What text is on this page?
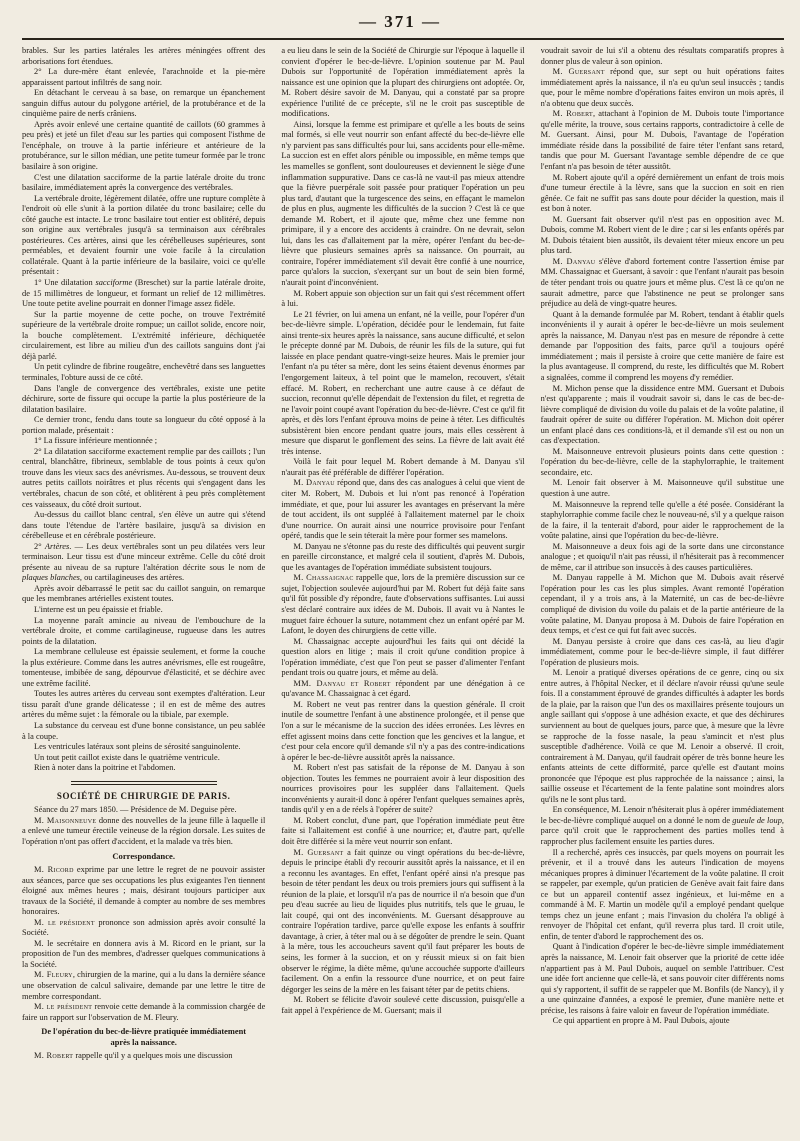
— 371 —

brables. Sur les parties latérales les artères méningées offrent des arborisations fort étendues.

2° La dure-mère étant enlevée, l'arachnoïde et la pie-mère apparaissent partout infiltrés de sang noir.

En détachant le cerveau à sa base, on remarque un épanchement sanguin diffus autour du polygone artériel, de la protubérance et de la cinquième paire de nerfs crâniens.

Après avoir enlevé une certaine quantité de caillots (60 grammes à peu près) et jeté un filet d'eau sur les parties qui composent l'isthme de l'encéphale, on trouve à la partie inférieure et antérieure de la protubérance, sur le sillon médian, une petite tumeur formée par le tronc basilaire à son origine.

C'est une dilatation sacciforme de la partie latérale droite du tronc basilaire, immédiatement après la convergence des vertébrales.

La vertébrale droite, légèrement dilatée, offre une rupture complète à l'endroit où elle s'unit à la portion dilatée du tronc basilaire; celle du côté gauche est intacte. Le tronc basilaire tout entier est oblitéré, depuis son origine aux vertébrales jusqu'à sa terminaison aux cérébrales postérieures. Ces artères, ainsi que les cérébelleuses supérieures, sont perméables, et devaient fournir une voie facile à la circulation collatérale. Quant à la partie inférieure de la basilaire, voici ce qu'elle présentait :

1° Une dilatation sacciforme (Breschet) sur la partie latérale droite, de 15 millimètres de longueur, et formant un relief de 12 millimètres. Une toute petite aveline pourrait en donner l'image assez fidèle.

Sur la partie moyenne de cette poche, on trouve l'extrémité supérieure de la vertébrale droite rompue; un caillot solide, encore noir, la bouche complètement. L'extrémité inférieure, déchiquetée circulairement, est libre au milieu d'un des caillots sanguins dont j'ai déjà parlé.

Un petit cylindre de fibrine rougeâtre, enchevêtré dans ses languettes terminales, l'obture aussi de ce côté.

Dans l'angle de convergence des vertébrales, existe une petite déchirure, sorte de fissure qui occupe la partie la plus postérieure de la dilatation basilaire.

Ce dernier tronc, fendu dans toute sa longueur du côté opposé à la portion malade, présentait :

1° La fissure inférieure mentionnée ;

2° La dilatation sacciforme exactement remplie par des caillots ; l'un central, blanchâtre, fibrineux, semblable de tous points à ceux qu'on trouve dans les vieux sacs des anévrismes. Au-dessous, se trouvent deux autres petits caillots noirâtres et plus récents qui s'engagent dans les vertébrales, chacun de son côté, et oblitèrent à peu près complètement ces vaisseaux, du côté droit surtout.

Au-dessus du caillot blanc central, s'en élève un autre qui s'étend dans toute l'étendue de l'artère basilaire, jusqu'à sa division en cérébelleuse et en cérébrale postérieure.

2° Artères. — Les deux vertébrales sont un peu dilatées vers leur terminaison. Leur tissu est d'une minceur extrême. Celle du côté droit présente au niveau de sa rupture l'altération décrite sous le nom de plaques blanches, ou cartilagineuses des artères.

Après avoir débarrassé le petit sac du caillot sanguin, on remarque que les membranes artérielles existent toutes.

L'interne est un peu épaissie et friable.

La moyenne paraît amincie au niveau de l'embouchure de la vertébrale droite, et comme cartilagineuse, rugueuse dans les autres points de la dilatation.

La membrane celluleuse est épaissie seulement, et forme la couche la plus extérieure. Comme dans les autres anévrismes, elle est rougeâtre, tomenteuse, imbibée de sang, dépourvue d'élasticité, et se déchire avec une extrême facilité.

Toutes les autres artères du cerveau sont exemptes d'altération. Leur tissu paraît d'une grande délicatesse ; il en est de même des autres artères du même sujet : la fémorale ou la tibiale, par exemple.

La substance du cerveau est d'une bonne consistance, un peu sablée à la coupe.

Les ventricules latéraux sont pleins de sérosité sanguinolente.

Un tout petit caillot existe dans le quatrième ventricule.

Rien à noter dans la poitrine et l'abdomen.

SOCIÉTÉ DE CHIRURGIE DE PARIS.

Séance du 27 mars 1850. — Présidence de M. Deguise père.

M. Maisonneuve donne des nouvelles de la jeune fille à laquelle il a enlevé une tumeur érectile veineuse de la région dorsale. Les suites de l'opération n'ont pas offert d'accident, et la malade va très bien.

Correspondance.

M. Ricord exprime par une lettre le regret de ne pouvoir assister aux séances, parce que ses occupations les plus exigeantes l'en tiennent éloigné aux mêmes heures ; mais, désirant toujours participer aux travaux de la Société, il demande à compter au nombre de ses membres honoraires.

M. le président prononce son admission après avoir consulté la Société.

M. le secrétaire en donnera avis à M. Ricord en le priant, sur la proposition de l'un des membres, d'adresser quelques communications à la Société.

M. Fleury, chirurgien de la marine, qui a lu dans la dernière séance une observation de calcul salivaire, demande par une lettre le titre de membre correspondant.

M. le président renvoie cette demande à la commission chargée de faire un rapport sur l'observation de M. Fleury.

De l'opération du bec-de-lièvre pratiquée immédiatement
après la naissance.

M. Robert rappelle qu'il y a quelques mois une discussion

a eu lieu dans le sein de la Société de Chirurgie sur l'époque à laquelle il convient d'opérer le bec-de-lièvre. L'opinion soutenue par M. Paul Dubois sur l'opportunité de l'opération immédiatement après la naissance est une opinion que la plupart des chirurgiens ont adoptée. Or, M. Robert désire savoir de M. Danyau, qui a constaté par sa propre expérience l'utilité de ce précepte, s'il ne le croit pas susceptible de modifications.

Ainsi, lorsque la femme est primipare et qu'elle a les bouts de seins mal formés, si elle veut nourrir son enfant affecté du bec-de-lièvre elle n'y parvient pas sans difficultés pour lui, sans accidents pour elle-même. La succion est en effet alors pénible ou impossible, en même temps que les mamelles se gonflent, sont douloureuses et deviennent le siège d'une inflammation suppurative. Dans ce cas-là ne vaut-il pas mieux attendre que la fièvre puerpérale soit passée pour pratiquer l'opération un peu plus tard, d'autant que la turgescence des seins, en effaçant le mamelon de plus en plus, augmente les difficultés de la succion ? C'est là ce que demande M. Robert, et il ajoute que, même chez une femme non primipare, il y a encore des accidents à craindre. On ne devrait, selon lui, dans les cas d'allaitement par la mère, opérer l'enfant du bec-de-lièvre que plusieurs semaines après sa naissance. On pourrait, au contraire, l'opérer immédiatement s'il devait être confié à une nourrice, parce qu'alors la succion, s'exerçant sur un bout de sein bien formé, n'aurait point d'inconvénient.

M. Robert appuie son objection sur un fait qui s'est récemment offert à lui.

Le 21 février, on lui amena un enfant, né la veille, pour l'opérer d'un bec-de-lièvre simple. L'opération, décidée pour le lendemain, fut faite ainsi trente-six heures après la naissance, sans aucune difficulté, et selon le précepte donné par M. Dubois, de réunir les fils de la suture, qui fut laissée en place pendant quatre-vingt-seize heures. Mais le premier jour l'enfant n'a pu téter sa mère, dont les seins étaient devenus énormes par l'engorgement laiteux, à tel point que le mamelon, recouvert, s'était effacé. M. Robert, en recherchant une autre cause à ce défaut de succion, reconnut qu'elle dépendait de l'extension du filet, et regretta de ne l'avoir point coupé avant l'opération du bec-de-lièvre. C'est ce qu'il fit après, et dès lors l'enfant éprouva moins de peine à téter. Les difficultés subsistèrent bien encore pendant quatre jours, mais elles cessèrent à mesure que disparut le gonflement des seins. La fièvre de lait avait été très intense.

Voilà le fait pour lequel M. Robert demande à M. Danyau s'il n'aurait pas été préférable de différer l'opération.

M. Danyau répond que, dans des cas analogues à celui que vient de citer M. Robert, M. Dubois et lui n'ont pas renoncé à l'opération immédiate, et que, pour lui assurer les avantages en préservant la mère de tout accident, ils ont suppléé à l'allaitement maternel par le choix d'une nourrice. On aurait ainsi une nourrice provisoire pour l'enfant opéré, tandis que le sein téterait la mère pour former ses mamelons.

M. Danyau ne s'étonne pas du reste des difficultés qui peuvent surgir en pareille circonstance, et malgré cela il soutient, d'après M. Dubois, que les avantages de l'opération immédiate subsistent toujours.

M. Chassaignac rappelle que, lors de la première discussion sur ce sujet, l'objection soulevée aujourd'hui par M. Robert fut déjà faite sans qu'il fût possible d'y répondre, faute d'observations suffisantes. Lui aussi s'est déclaré contraire aux idées de M. Dubois. Il avait vu à Nantes le muguet faire échouer la suture, notamment chez un enfant opéré par M. Lafont, le doyen des chirurgiens de cette ville.

M. Chassaignac accepte aujourd'hui les faits qui ont décidé la question alors en litige ; mais il croit qu'une condition propice à l'opération immédiate, c'est que l'on peut se passer d'alimenter l'enfant pendant trois ou quatre jours, et même au delà.

MM. Danyau et Robert répondent par une dénégation à ce qu'avance M. Chassaignac à cet égard.

M. Robert ne veut pas rentrer dans la question générale. Il croit inutile de soumettre l'enfant à une abstinence prolongée, et il pense que l'on a sur le mécanisme de la succion des idées erronées. Les lèvres en effet agissent moins dans cette fonction que les gencives et la langue, et c'est pour cela encore qu'il demande s'il n'y a pas des contre-indications à opérer le bec-de-lièvre aussitôt après la naissance.

M. Robert n'est pas satisfait de la réponse de M. Danyau à son objection. Toutes les femmes ne pourraient avoir à leur disposition des nourrices provisoires pour les suppléer dans l'allaitement. Quels inconvénients y aurait-il donc à opérer l'enfant quelques semaines après, tandis qu'il y en a de réels à l'opérer de suite?

M. Robert conclut, d'une part, que l'opération immédiate peut être faite si l'allaitement est confié à une nourrice; et, d'autre part, qu'elle doit être différée si la mère veut nourrir son enfant.

M. Guersant a fait quinze ou vingt opérations du bec-de-lièvre, depuis le principe établi d'y recourir aussitôt après la naissance, et il en a reconnu les avantages. En effet, l'enfant opéré ainsi n'a presque pas besoin de téter pendant les deux ou trois premiers jours qui suffisent à la réunion de la plaie, et lorsqu'il n'a pas de nourrice il n'a besoin que d'un peu d'eau sucrée au lieu de liquides plus nutritifs, tels que le gruau, le lait coupé, qui ont des inconvénients. M. Guersant désapprouve au contraire l'opération tardive, parce qu'elle expose les enfants à souffrir davantage, à crier, à téter mal ou à se dégoûter de prendre le sein. Quant à la mère, tous les accoucheurs savent qu'il faut préparer les bouts de seins, les former à la succion, et on y réussit mieux si on fait bien observer le régime, la diète même, qu'une accouchée supporte d'ailleurs facilement. On a enfin la ressource d'une nourrice, et on peut faire dégorger les seins de la mère en les faisant téter par de petits chiens.

M. Robert se félicite d'avoir soulevé cette discussion, puisqu'elle a fait appel à l'expérience de M. Guersant; mais il

voudrait savoir de lui s'il a obtenu des résultats comparatifs propres à donner plus de valeur à son opinion.

M. Guersant répond que, sur sept ou huit opérations faites immédiatement après la naissance, il n'a eu qu'un seul insuccès ; tandis que, pour le même nombre d'opérations faites environ un mois après, il n'a obtenu que deux succès.

M. Robert, attachant à l'opinion de M. Dubois toute l'importance qu'elle mérite, la trouve, sous certains rapports, contradictoire à celle de M. Guersant. Ainsi, pour M. Dubois, l'avantage de l'opération immédiate réside dans la possibilité de faire téter l'enfant sans retard, tandis que pour M. Guersant l'avantage semble dépendre de ce que l'enfant n'a pas besoin de téter aussitôt.

M. Robert ajoute qu'il a opéré dernièrement un enfant de trois mois d'une tumeur érectile à la lèvre, sans que la succion en soit en rien gênée. Ce fait ne suffit pas sans doute pour décider la question, mais il est bon à noter.

M. Guersant fait observer qu'il n'est pas en opposition avec M. Dubois, comme M. Robert vient de le dire ; car si les enfants opérés par M. Dubois tétaient bien aussitôt, ils devaient téter mieux encore un peu plus tard.

M. Danyau s'élève d'abord fortement contre l'assertion émise par MM. Chassaignac et Guersant, à savoir : que l'enfant n'aurait pas besoin de téter pendant trois ou quatre jours et même plus. C'est là ce qu'on ne saurait admettre, parce que l'abstinence ne peut se prolonger sans préjudice au delà de vingt-quatre heures.

Quant à la demande formulée par M. Robert, tendant à établir quels inconvénients il y aurait à opérer le bec-de-lièvre un mois seulement après la naissance, M. Danyau n'est pas en mesure de répondre à cette demande par l'opposition des faits, parce qu'il a toujours opéré immédiatement ; mais il persiste à croire que cette manière de faire est la plus avantageuse. Il comprend, du reste, les difficultés que M. Robert a signalées, comme il comprend les moyens d'y remédier.

M. Michon pense que la dissidence entre MM. Guersant et Dubois n'est qu'apparente ; mais il voudrait savoir si, dans le cas de bec-de-lièvre compliqué de division du voile du palais et de la voûte palatine, il faudrait opérer de suite ou différer l'opération. M. Michon doit opérer un enfant placé dans ces conditions-là, et il demande s'il est ou non un cas d'expectation.

M. Maisonneuve entrevoit plusieurs points dans cette question : l'opération du bec-de-lièvre, celle de la staphylorraphie, le traitement secondaire, etc.

M. Lenoir fait observer à M. Maisonneuve qu'il substitue une question à une autre.

M. Maisonneuve la reprend telle qu'elle a été posée. Considérant la staphylorraphie comme facile chez le nouveau-né, s'il y a quelque raison de la faire, il la tenterait d'abord, pour aider le rapprochement de la voûte palatine, ainsi que l'opération du bec-de-lièvre.

M. Maisonneuve a deux fois agi de la sorte dans une circonstance analogue ; et quoiqu'il n'ait pas réussi, il n'hésiterait pas à recommencer de même, car il attribue son insuccès à des causes particulières.

M. Danyau rappelle à M. Michon que M. Dubois avait réservé l'opération pour les cas les plus simples. Avant remonté l'opération cependant, il y a trois ans, à la Maternité, un cas de bec-de-lièvre compliqué de division du voile du palais et de la partie antérieure de la voûte palatine, M. Danyau proposa à M. Dubois de faire l'opération en deux temps, et c'est ce qui fut fait avec succès.

M. Danyau persiste à croire que dans ces cas-là, au lieu d'agir immédiatement, comme pour le bec-de-lièvre simple, il faut différer l'opération de plusieurs mois.

M. Lenoir a pratiqué diverses opérations de ce genre, cinq ou six entre autres, à l'hôpital Necker, et il déclare n'avoir réussi qu'une seule fois. Il a constamment éprouvé de grandes difficultés à adapter les bords de la plaie, par la raison que l'un des os maxillaires présente toujours un angle saillant qui s'oppose à une adhésion exacte, et que des déchirures surviennent au bout de quelques jours, parce que, à mesure que la lèvre se rapproche de la fosse nasale, la peau s'amincit et n'est plus susceptible d'adhérence. Voilà ce que M. Lenoir a observé. Il croit, contrairement à M. Danyau, qu'il faudrait opérer de très bonne heure les enfants atteints de cette difformité, parce qu'elle est d'autant moins prononcée que l'époque est plus rapprochée de la naissance ; ainsi, la saillie osseuse et l'écartement de la fente palatine sont moindres alors qu'ils ne le sont plus tard.

En conséquence, M. Lenoir n'hésiterait plus à opérer immédiatement le bec-de-lièvre compliqué auquel on a donné le nom de gueule de loup, parce qu'il croit que le rapprochement des parties molles tend à rapprocher plus facilement ensuite les parties dures.

Il a recherché, après ces insuccès, par quels moyens on pourrait les prévenir, et il a trouvé dans les auteurs l'indication de moyens mécaniques propres à diminuer l'écartement de la voûte palatine. Il croit se rappeler, par exemple, qu'un praticien de Genève avait fait faire dans ce but un appareil contentif assez ingénieux, et lui-même en a commandé à M. F. Martin un modèle qu'il a employé pendant quelque temps chez un jeune enfant ; mais l'invasion du choléra l'a obligé à renvoyer de l'hôpital cet enfant, qu'il reverra plus tard. Il croit utile, enfin, de tenter d'abord le rapprochement des os.

Quant à l'indication d'opérer le bec-de-lièvre simple immédiatement après la naissance, M. Lenoir fait observer que la priorité de cette idée n'appartient pas à M. Paul Dubois, auquel on semble l'attribuer. C'est une idée fort ancienne que celle-là, et sans pouvoir citer différents noms qui s'y rapportent, il suffit de se rappeler que M. Bonfils (de Nancy), il y a une quinzaine d'années, a exposé le premier, d'une manière nette et précise, les raisons à faire valoir en faveur de l'opération immédiate.

Ce qui appartient en propre à M. Paul Dubois, ajoute
